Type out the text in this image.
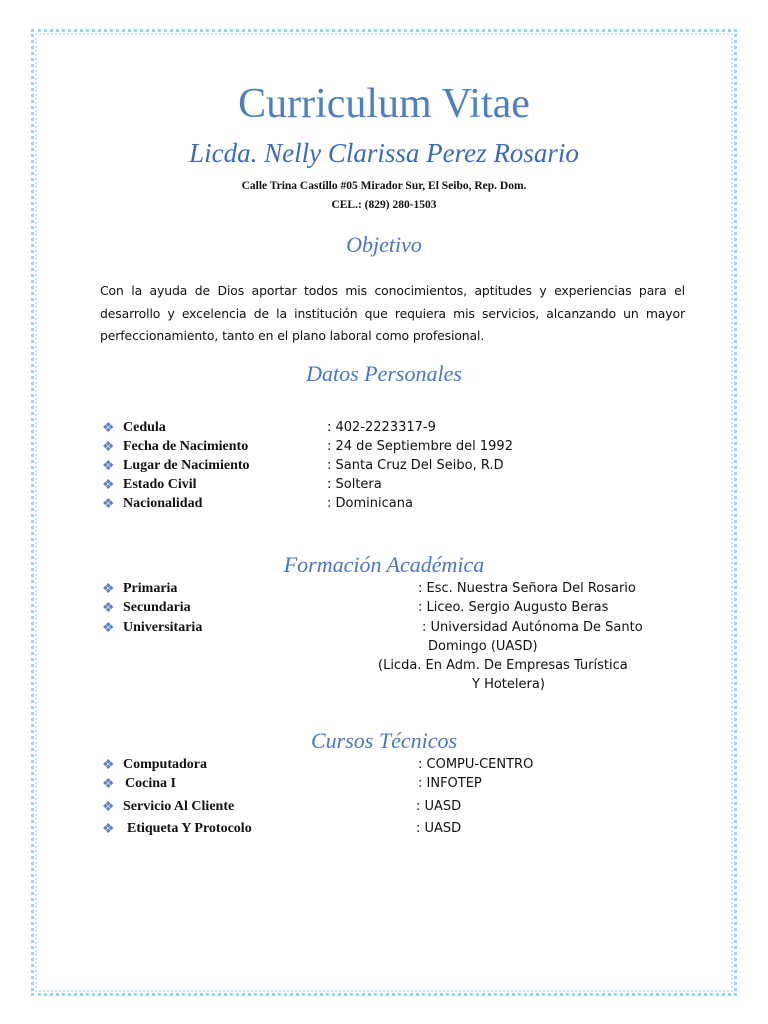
Curriculum Vitae
Licda. Nelly Clarissa Perez Rosario
Calle Trina Castillo #05 Mirador Sur, El Seibo, Rep. Dom.
CEL.: (829) 280-1503
Objetivo
Con la ayuda de Dios aportar todos mis conocimientos, aptitudes y experiencias para el desarrollo y excelencia de la institución que requiera mis servicios, alcanzando un mayor perfeccionamiento, tanto en el plano laboral como profesional.
Datos Personales
❖ Cedula	: 402-2223317-9
❖ Fecha de Nacimiento	: 24 de Septiembre del 1992
❖ Lugar de Nacimiento	: Santa Cruz Del Seibo, R.D
❖ Estado Civil	: Soltera
❖ Nacionalidad	: Dominicana
Formación Académica
❖ Primaria	: Esc. Nuestra Señora Del Rosario
❖ Secundaria	: Liceo. Sergio Augusto Beras
❖ Universitaria	: Universidad Autónoma De Santo
Domingo (UASD)
(Licda. En Adm. De Empresas Turística
Y Hotelera)
Cursos Técnicos
❖ Computadora	: COMPU-CENTRO
❖ Cocina I	: INFOTEP
❖ Servicio Al Cliente	: UASD
❖ Etiqueta Y Protocolo	: UASD
